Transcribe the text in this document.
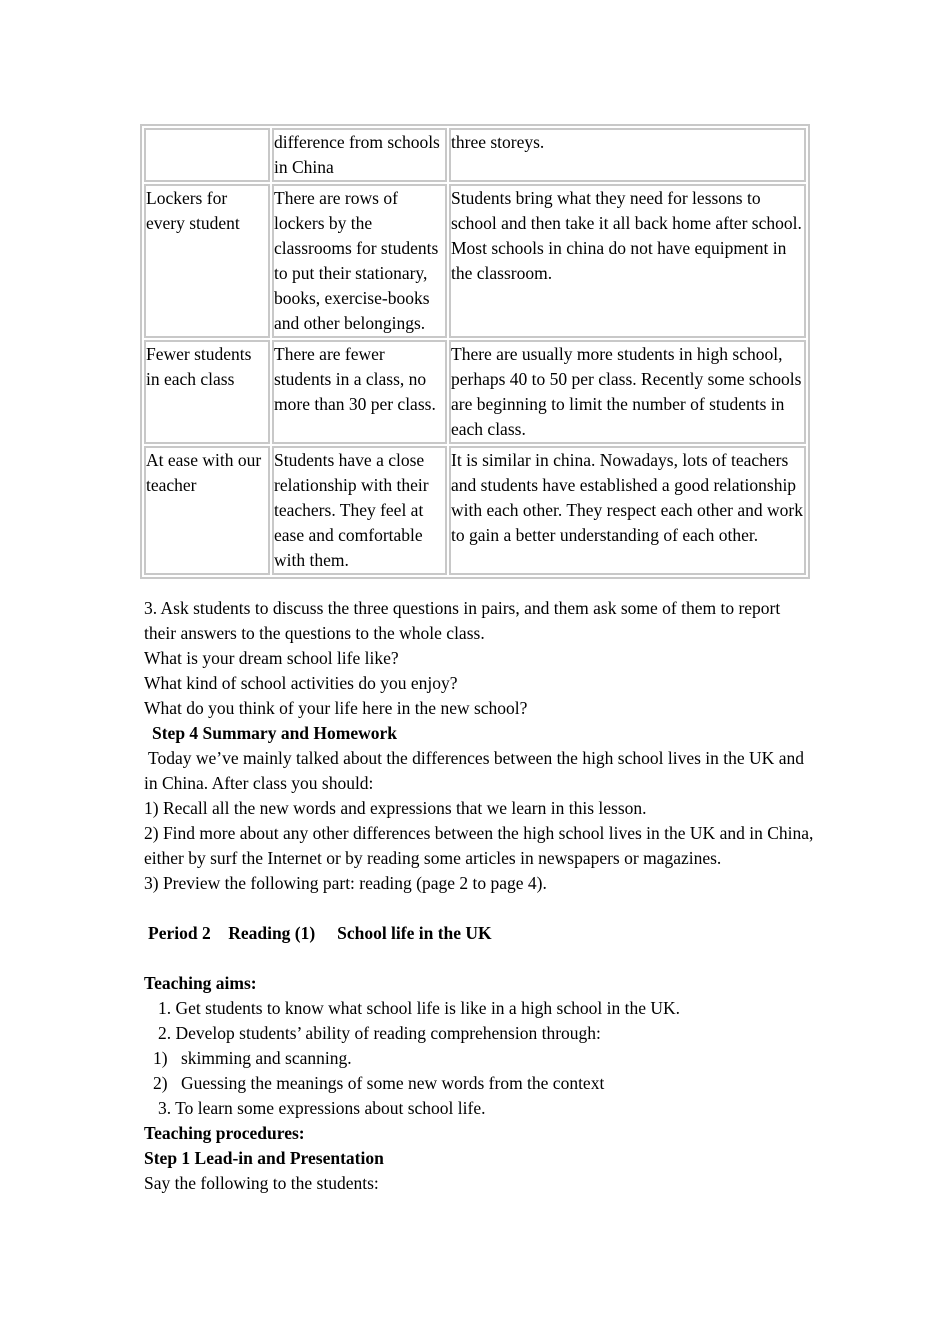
	difference from schools in China	three storeys.
Lockers for every student	There are rows of lockers by the classrooms for students to put their stationary, books, exercise-books and other belongings.	Students bring what they need for lessons to school and then take it all back home after school. Most schools in china do not have equipment in the classroom.
Fewer students in each class	There are fewer students in a class, no more than 30 per class.	There are usually more students in high school, perhaps 40 to 50 per class. Recently some schools are beginning to limit the number of students in each class.
At ease with our teacher	Students have a close relationship with their teachers. They feel at ease and comfortable with them.	It is similar in china. Nowadays, lots of teachers and students have established a good relationship with each other. They respect each other and work to gain a better understanding of each other.
3. Ask students to discuss the three questions in pairs, and them ask some of them to report their answers to the questions to the whole class.
What is your dream school life like?
What kind of school activities do you enjoy?
What do you think of your life here in the new school?
Step 4 Summary and Homework
Today we’ve mainly talked about the differences between the high school lives in the UK and in China. After class you should:
1) Recall all the new words and expressions that we learn in this lesson.
2) Find more about any other differences between the high school lives in the UK and in China, either by surf the Internet or by reading some articles in newspapers or magazines.
3) Preview the following part: reading (page 2 to page 4).
Period 2    Reading (1)     School life in the UK
Teaching aims:
1. Get students to know what school life is like in a high school in the UK.
2. Develop students’ ability of reading comprehension through:
1) skimming and scanning.
2) Guessing the meanings of some new words from the context
3. To learn some expressions about school life.
Teaching procedures:
Step 1 Lead-in and Presentation
Say the following to the students:
